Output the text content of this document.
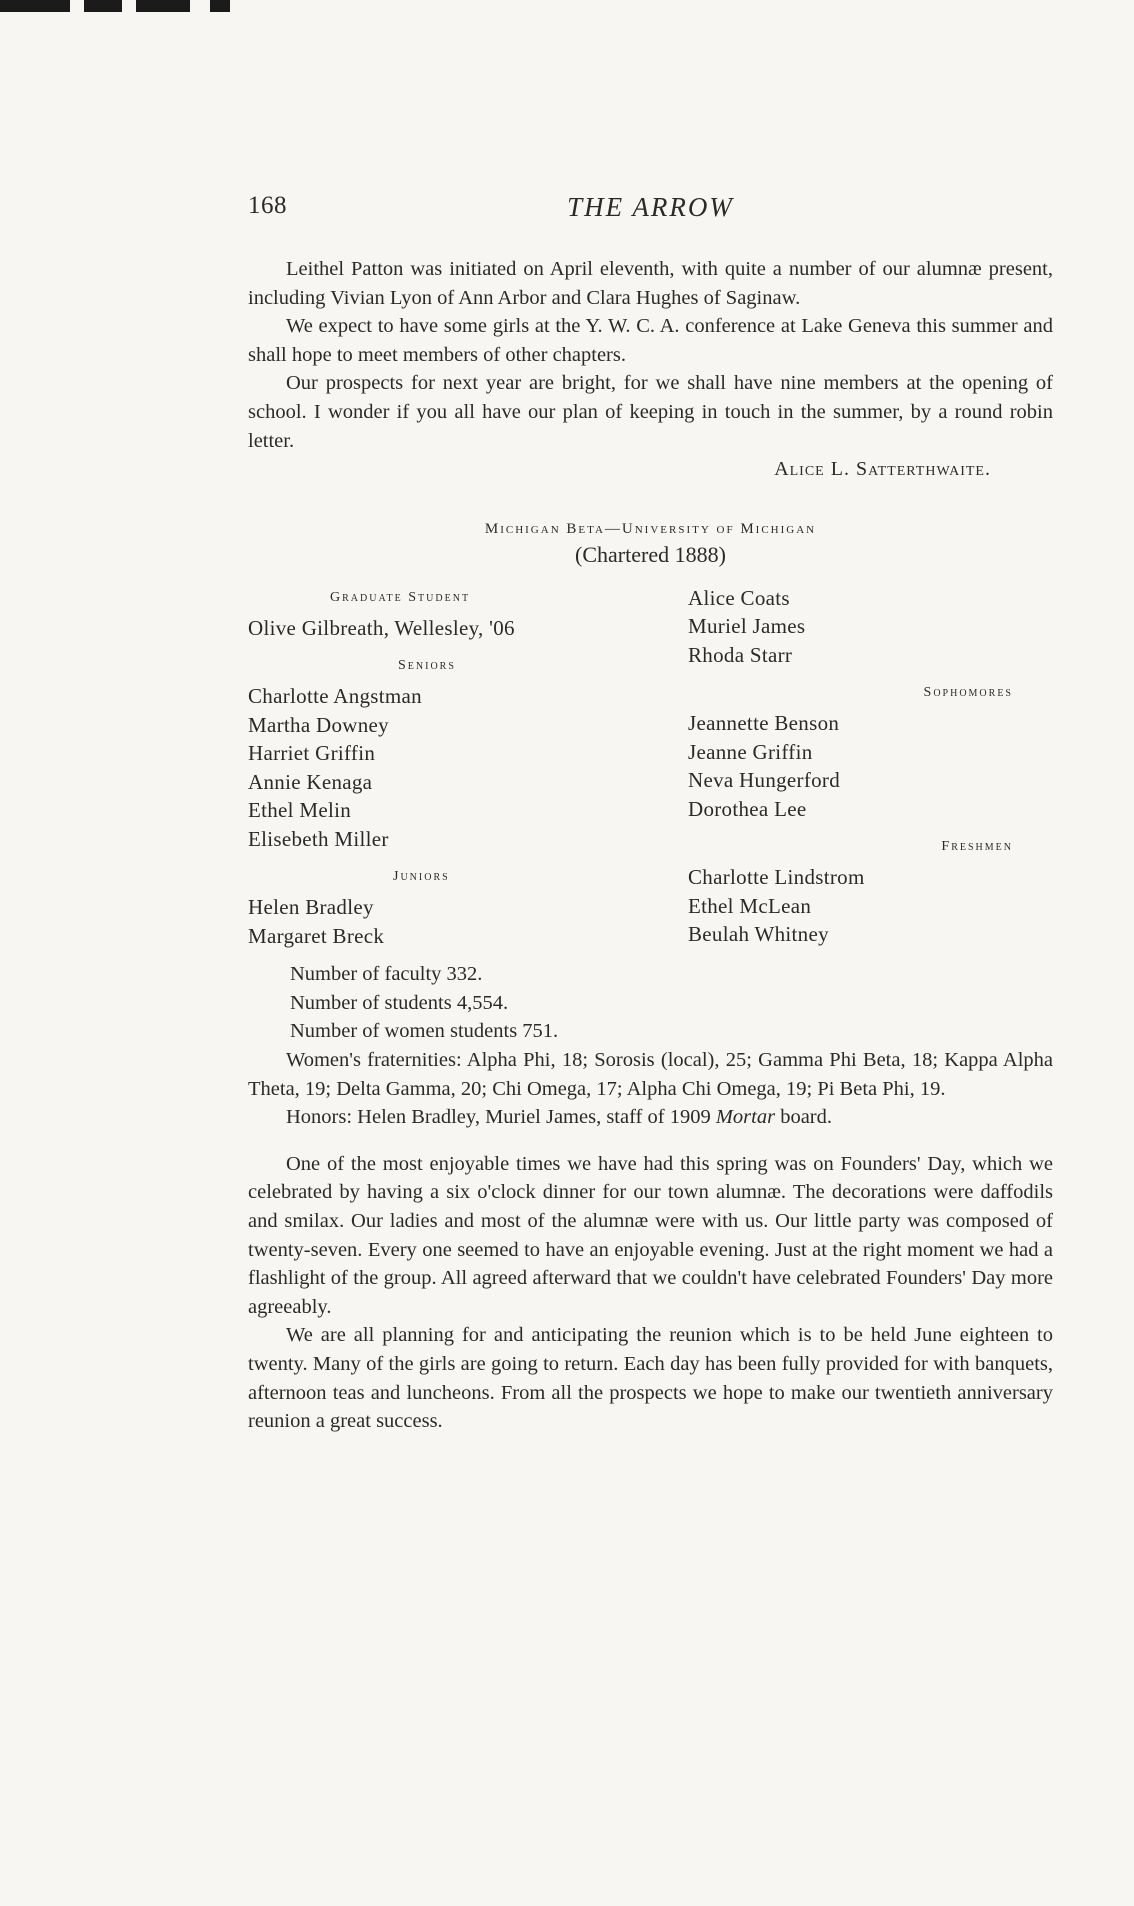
168	THE ARROW

Leithel Patton was initiated on April eleventh, with quite a number of our alumnæ present, including Vivian Lyon of Ann Arbor and Clara Hughes of Saginaw.

We expect to have some girls at the Y. W. C. A. conference at Lake Geneva this summer and shall hope to meet members of other chapters.

Our prospects for next year are bright, for we shall have nine members at the opening of school. I wonder if you all have our plan of keeping in touch in the summer, by a round robin letter.

Alice L. Satterthwaite.
Michigan Beta—University of Michigan
(Chartered 1888)
Graduate Student
Olive Gilbreath, Wellesley, '06
Seniors
Charlotte Angstman
Martha Downey
Harriet Griffin
Annie Kenaga
Ethel Melin
Elisebeth Miller
Juniors
Helen Bradley
Margaret Breck
Alice Coats
Muriel James
Rhoda Starr
Sophomores
Jeannette Benson
Jeanne Griffin
Neva Hungerford
Dorothea Lee
Freshmen
Charlotte Lindstrom
Ethel McLean
Beulah Whitney
Number of faculty 332.
Number of students 4,554.
Number of women students 751.

Women's fraternities: Alpha Phi, 18; Sorosis (local), 25; Gamma Phi Beta, 18; Kappa Alpha Theta, 19; Delta Gamma, 20; Chi Omega, 17; Alpha Chi Omega, 19; Pi Beta Phi, 19.

Honors: Helen Bradley, Muriel James, staff of 1909 Mortar board.

One of the most enjoyable times we have had this spring was on Founders' Day, which we celebrated by having a six o'clock dinner for our town alumnæ. The decorations were daffodils and smilax. Our ladies and most of the alumnæ were with us. Our little party was composed of twenty-seven. Every one seemed to have an enjoyable evening. Just at the right moment we had a flashlight of the group. All agreed afterward that we couldn't have celebrated Founders' Day more agreeably.

We are all planning for and anticipating the reunion which is to be held June eighteen to twenty. Many of the girls are going to return. Each day has been fully provided for with banquets, afternoon teas and luncheons. From all the prospects we hope to make our twentieth anniversary reunion a great success.
